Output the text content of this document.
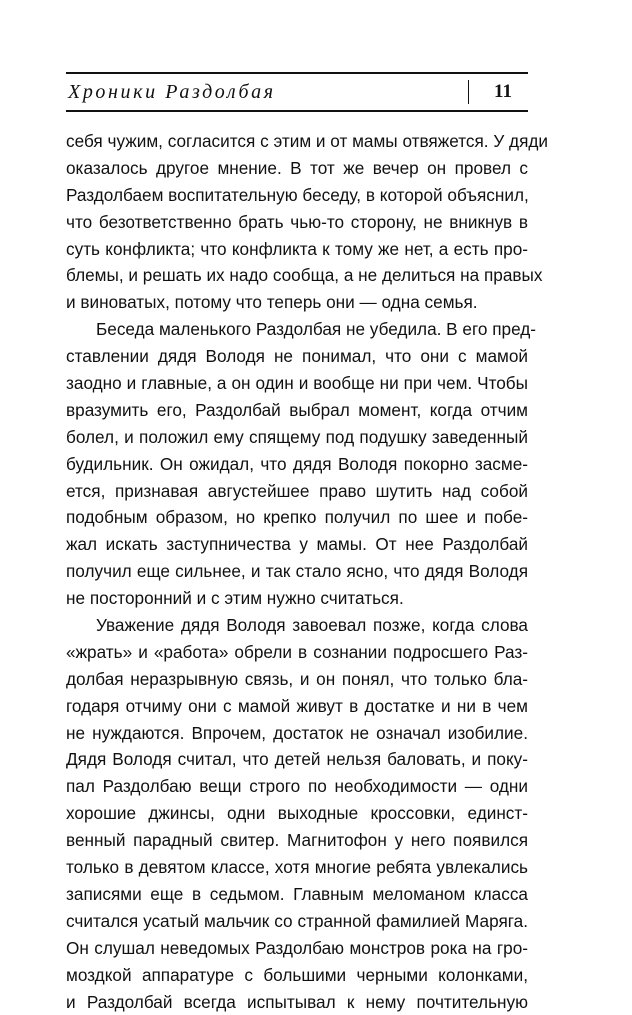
Хроники Раздолбая	11
себя чужим, согласится с этим и от мамы отвяжется. У дяди
оказалось другое мнение. В тот же вечер он провел с
Раздолбаем воспитательную беседу, в которой объяснил,
что безответственно брать чью-то сторону, не вникнув в
суть конфликта; что конфликта к тому же нет, а есть про-
блемы, и решать их надо сообща, а не делиться на правых
и виноватых, потому что теперь они — одна семья.
Беседа маленького Раздолбая не убедила. В его пред-
ставлении дядя Володя не понимал, что они с мамой
заодно и главные, а он один и вообще ни при чем. Чтобы
вразумить его, Раздолбай выбрал момент, когда отчим
болел, и положил ему спящему под подушку заведенный
будильник. Он ожидал, что дядя Володя покорно засме-
ется, признавая августейшее право шутить над собой
подобным образом, но крепко получил по шее и побе-
жал искать заступничества у мамы. От нее Раздолбай
получил еще сильнее, и так стало ясно, что дядя Володя
не посторонний и с этим нужно считаться.
Уважение дядя Володя завоевал позже, когда слова
«жрать» и «работа» обрели в сознании подросшего Раз-
долбая неразрывную связь, и он понял, что только бла-
годаря отчиму они с мамой живут в достатке и ни в чем
не нуждаются. Впрочем, достаток не означал изобилие.
Дядя Володя считал, что детей нельзя баловать, и поку-
пал Раздолбаю вещи строго по необходимости — одни
хорошие джинсы, одни выходные кроссовки, единст-
венный парадный свитер. Магнитофон у него появился
только в девятом классе, хотя многие ребята увлекались
записями еще в седьмом. Главным меломаном класса
считался усатый мальчик со странной фамилией Маряга.
Он слушал неведомых Раздолбаю монстров рока на гро-
моздкой аппаратуре с большими черными колонками,
и Раздолбай всегда испытывал к нему почтительную
